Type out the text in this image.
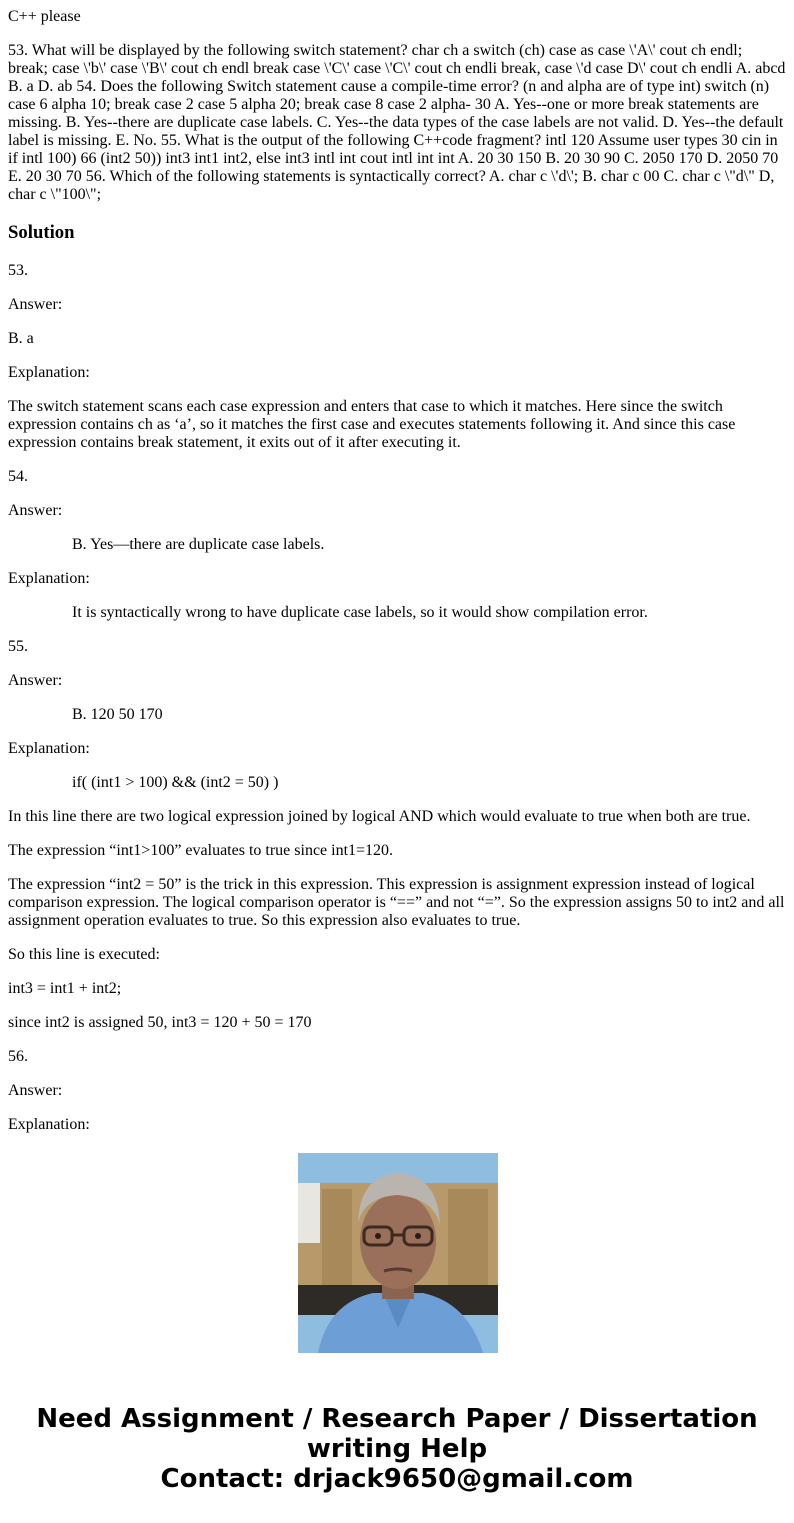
C++ please

53. What will be displayed by the following switch statement? char ch a switch (ch) case as case \'A\' cout ch endl; break; case \'b\' case \'B\' cout ch endl break case \'C\' case \'C\' cout ch endli break, case \'d case D\' cout ch endli A. abcd B. a D. ab 54. Does the following Switch statement cause a compile-time error? (n and alpha are of type int) switch (n) case 6 alpha 10; break case 2 case 5 alpha 20; break case 8 case 2 alpha- 30 A. Yes--one or more break statements are missing. B. Yes--there are duplicate case labels. C. Yes--the data types of the case labels are not valid. D. Yes--the default label is missing. E. No. 55. What is the output of the following C++code fragment? intl 120 Assume user types 30 cin in if intl 100) 66 (int2 50)) int3 int1 int2, else int3 intl int cout intl int int A. 20 30 150 B. 20 30 90 C. 2050 170 D. 2050 70 E. 20 30 70 56. Which of the following statements is syntactically correct? A. char c \'d\'; B. char c 00 C. char c \"d\" D, char c \"100\";

Solution

53.

Answer:

B. a

Explanation:

The switch statement scans each case expression and enters that case to which it matches. Here since the switch expression contains ch as ‘a’, so it matches the first case and executes statements following it. And since this case expression contains break statement, it exits out of it after executing it.

54.

Answer:

B. Yes—there are duplicate case labels.

Explanation:

It is syntactically wrong to have duplicate case labels, so it would show compilation error.

55.

Answer:

B. 120 50 170

Explanation:

if( (int1 > 100) && (int2 = 50) )

In this line there are two logical expression joined by logical AND which would evaluate to true when both are true.

The expression “int1>100” evaluates to true since int1=120.

The expression “int2 = 50” is the trick in this expression. This expression is assignment expression instead of logical comparison expression. The logical comparison operator is “==” and not “=”. So the expression assigns 50 to int2 and all assignment operation evaluates to true. So this expression also evaluates to true.

So this line is executed:

int3 = int1 + int2;

since int2 is assigned 50, int3 = 120 + 50 = 170

56.

Answer:

Explanation:

Need Assignment / Research Paper / Dissertation
writing Help
Contact: drjack9650@gmail.com
